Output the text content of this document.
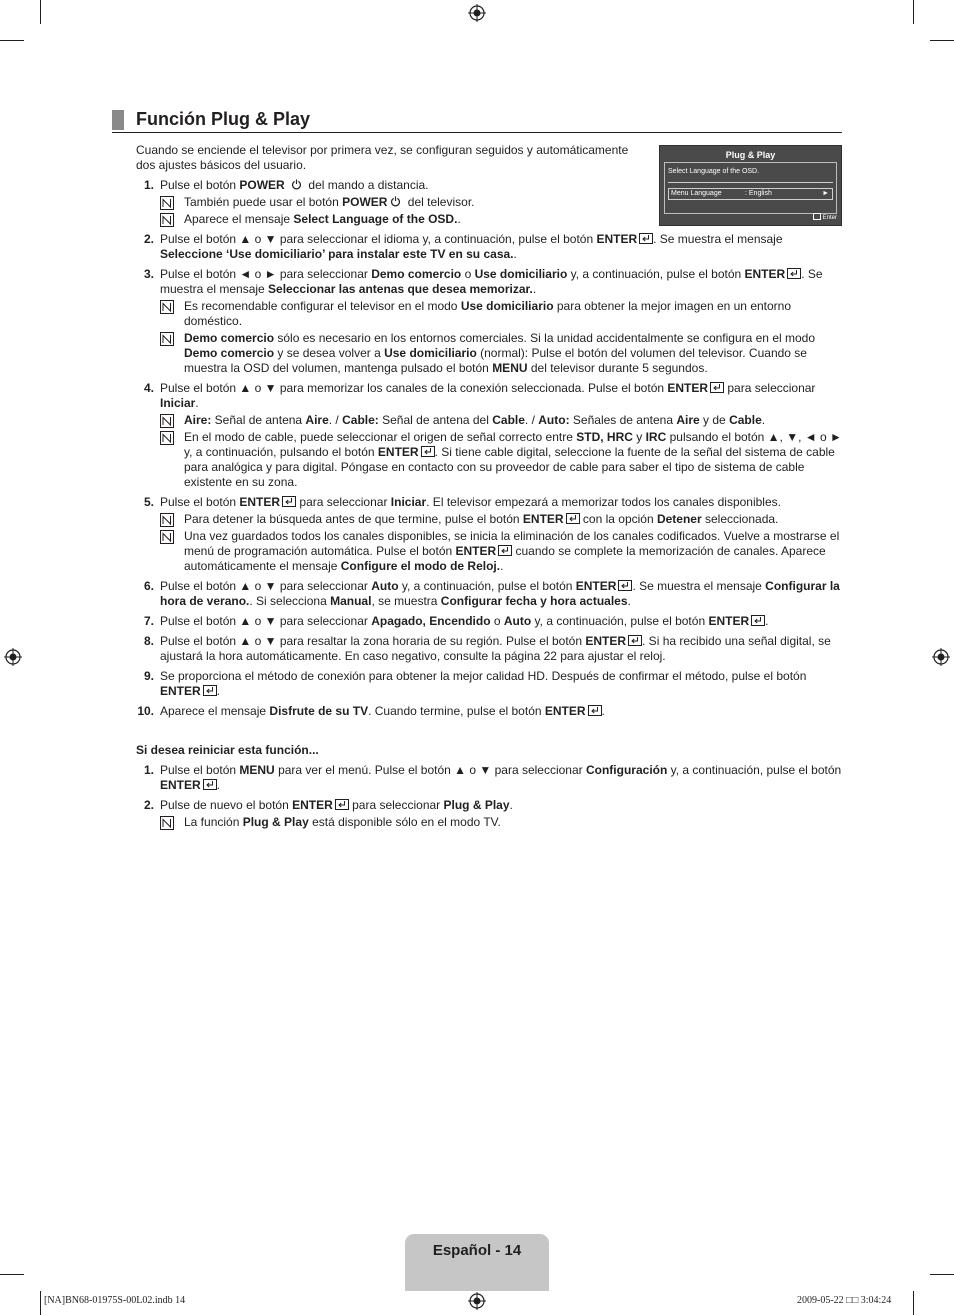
Función Plug & Play
Plug & Play
Select Language of the OSD.
Menu Language	: English	►
Enter

Cuando se enciende el televisor por primera vez, se configuran seguidos y automáticamente dos ajustes básicos del usuario.

1. Pulse el botón POWER  del mando a distancia.
También puede usar el botón POWER del televisor.
Aparece el mensaje Select Language of the OSD..
2. Pulse el botón ▲ o ▼ para seleccionar el idioma y, a continuación, pulse el botón ENTER . Se muestra el mensaje Seleccione ‘Use domiciliario’ para instalar este TV en su casa..
3. Pulse el botón ◄ o ► para seleccionar Demo comercio o Use domiciliario y, a continuación, pulse el botón ENTER . Se muestra el mensaje Seleccionar las antenas que desea memorizar..
Es recomendable configurar el televisor en el modo Use domiciliario para obtener la mejor imagen en un entorno doméstico.
Demo comercio sólo es necesario en los entornos comerciales. Si la unidad accidentalmente se configura en el modo Demo comercio y se desea volver a Use domiciliario (normal): Pulse el botón del volumen del televisor. Cuando se muestra la OSD del volumen, mantenga pulsado el botón MENU del televisor durante 5 segundos.
4. Pulse el botón ▲ o ▼ para memorizar los canales de la conexión seleccionada. Pulse el botón ENTER
para seleccionar Iniciar.
Aire: Señal de antena Aire. / Cable: Señal de antena del Cable. / Auto: Señales de antena Aire y de Cable.
En el modo de cable, puede seleccionar el origen de señal correcto entre STD, HRC y IRC pulsando el botón ▲, ▼, ◄ o ► y, a continuación, pulsando el botón ENTER . Si tiene cable digital, seleccione la fuente de la señal del sistema de cable para analógica y para digital. Póngase en contacto con su proveedor de cable para saber el tipo de sistema de cable existente en su zona.
5. Pulse el botón ENTER
para seleccionar Iniciar. El televisor empezará a memorizar todos los canales disponibles.
Para detener la búsqueda antes de que termine, pulse el botón ENTER
con la opción Detener seleccionada.
Una vez guardados todos los canales disponibles, se inicia la eliminación de los canales codificados. Vuelve a mostrarse el menú de programación automática. Pulse el botón ENTER
cuando se complete la memorización de canales. Aparece automáticamente el mensaje Configure el modo de Reloj..
6. Pulse el botón ▲ o ▼ para seleccionar Auto y, a continuación, pulse el botón ENTER . Se muestra el mensaje Configurar la hora de verano.. Si selecciona Manual, se muestra Configurar fecha y hora actuales.
7. Pulse el botón ▲ o ▼ para seleccionar Apagado, Encendido o Auto y, a continuación, pulse el botón ENTER .
8. Pulse el botón ▲ o ▼ para resaltar la zona horaria de su región. Pulse el botón ENTER . Si ha recibido una señal digital, se ajustará la hora automáticamente. En caso negativo, consulte la página 22 para ajustar el reloj.
9. Se proporciona el método de conexión para obtener la mejor calidad HD. Después de confirmar el método, pulse el botón ENTER .
10. Aparece el mensaje Disfrute de su TV. Cuando termine, pulse el botón ENTER .
Si desea reiniciar esta función...
1. Pulse el botón MENU para ver el menú. Pulse el botón ▲ o ▼ para seleccionar Configuración y, a continuación, pulse el botón ENTER .
2. Pulse de nuevo el botón ENTER
para seleccionar Plug & Play.
La función Plug & Play está disponible sólo en el modo TV.
Español - 14
[NA]BN68-01975S-00L02.indb 14	2009-05-22 □□ 3:04:24
